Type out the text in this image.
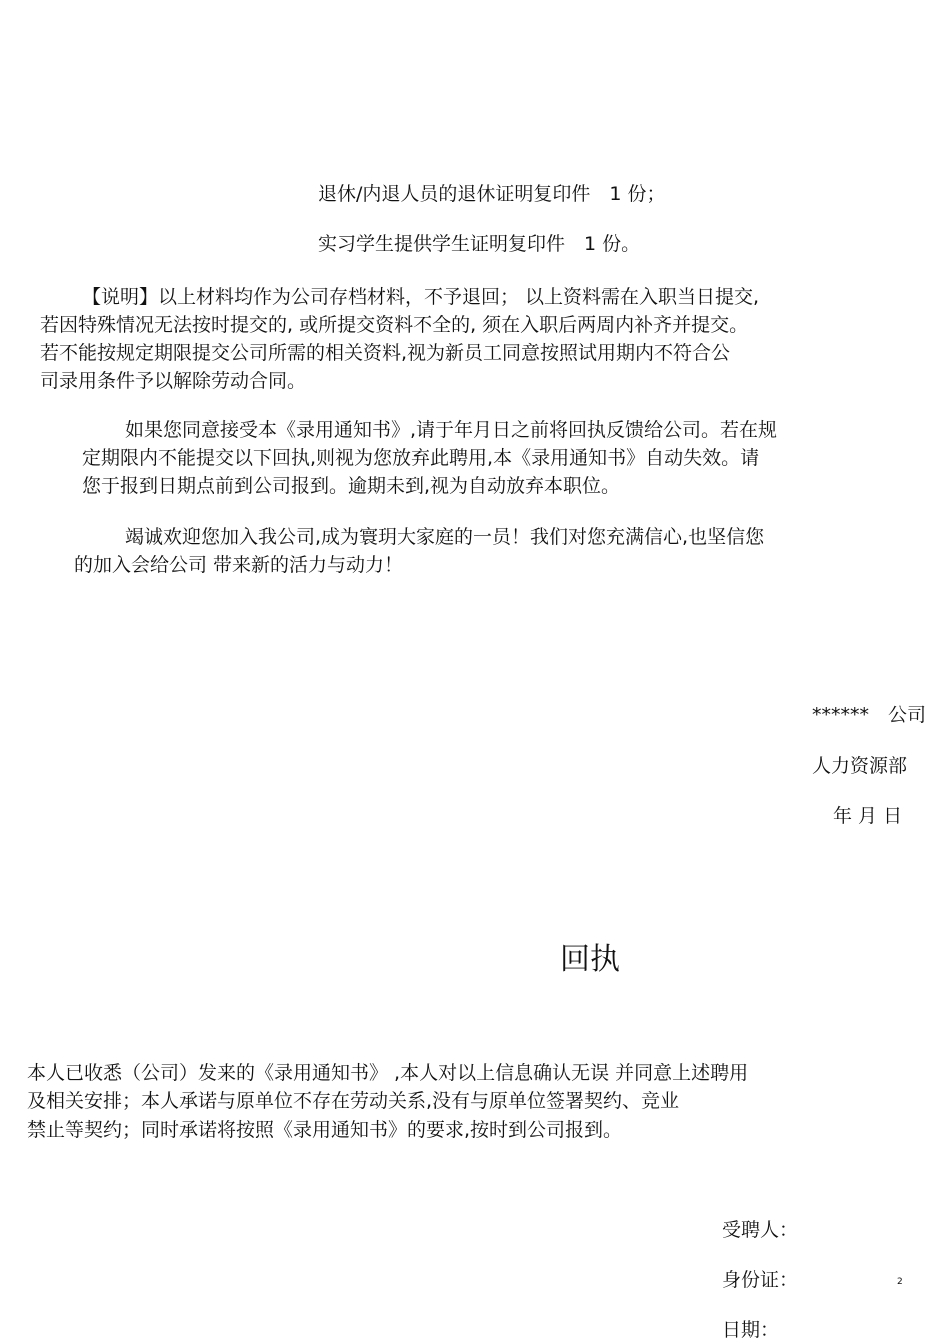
退休/内退人员的退休证明复印件　1 份；
实习学生提供学生证明复印件　1 份。
【说明】以上材料均作为公司存档材料，不予退回； 以上资料需在入职当日提交,
若因特殊情况无法按时提交的, 或所提交资料不全的, 须在入职后两周内补齐并提交。
若不能按规定期限提交公司所需的相关资料,视为新员工同意按照试用期内不符合公
司录用条件予以解除劳动合同。
如果您同意接受本《录用通知书》,请于年月日之前将回执反馈给公司。若在规
定期限内不能提交以下回执,则视为您放弃此聘用,本《录用通知书》自动失效。请
您于报到日期点前到公司报到。逾期未到,视为自动放弃本职位。
竭诚欢迎您加入我公司,成为寰玥大家庭的一员！我们对您充满信心,也坚信您
的加入会给公司 带来新的活力与动力！
******　公司
人力资源部
年 月 日
回执
本人已收悉（公司）发来的《录用通知书》 ,本人对以上信息确认无误 并同意上述聘用
及相关安排；本人承诺与原单位不存在劳动关系,没有与原单位签署契约、竞业
禁止等契约；同时承诺将按照《录用通知书》的要求,按时到公司报到。
受聘人：
身份证：
日期：
2
